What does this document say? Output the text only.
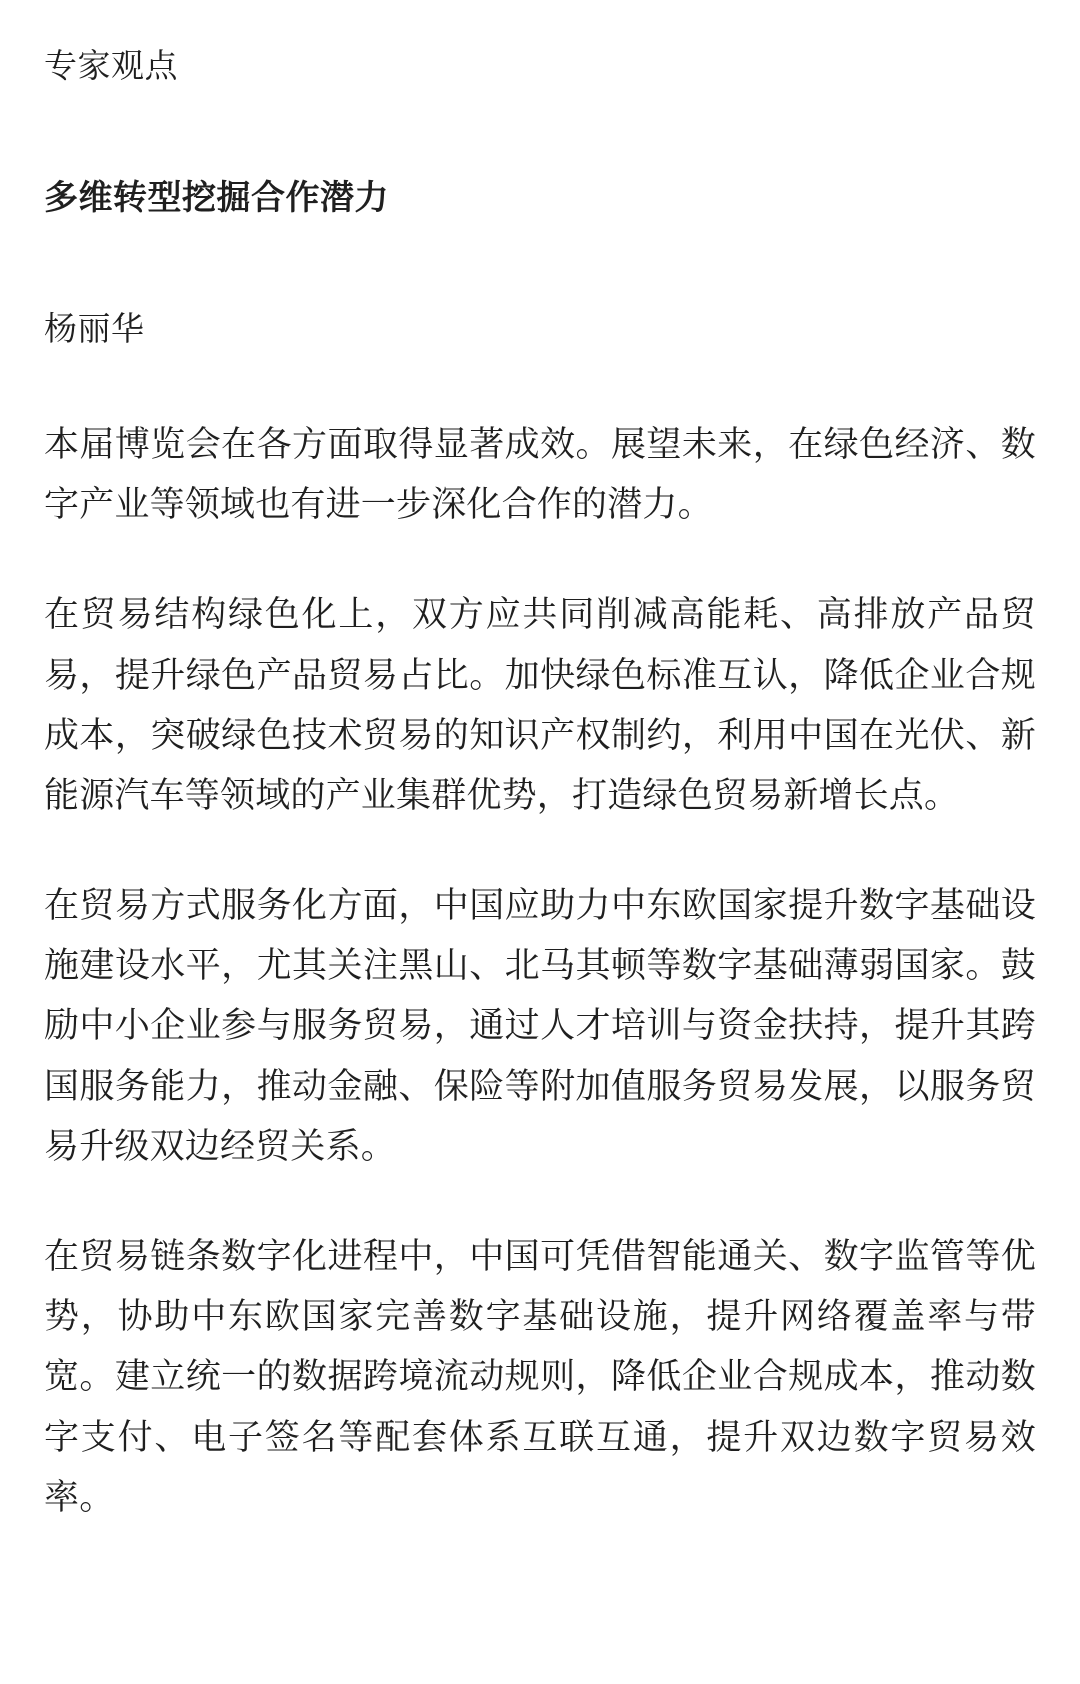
专家观点
多维转型挖掘合作潜力
杨丽华

本届博览会在各方面取得显著成效。展望未来，在绿色经济、数字产业等领域也有进一步深化合作的潜力。

在贸易结构绿色化上，双方应共同削减高能耗、高排放产品贸易，提升绿色产品贸易占比。加快绿色标准互认，降低企业合规成本，突破绿色技术贸易的知识产权制约，利用中国在光伏、新能源汽车等领域的产业集群优势，打造绿色贸易新增长点。

在贸易方式服务化方面，中国应助力中东欧国家提升数字基础设施建设水平，尤其关注黑山、北马其顿等数字基础薄弱国家。鼓励中小企业参与服务贸易，通过人才培训与资金扶持，提升其跨国服务能力，推动金融、保险等附加值服务贸易发展，以服务贸易升级双边经贸关系。

在贸易链条数字化进程中，中国可凭借智能通关、数字监管等优势，协助中东欧国家完善数字基础设施，提升网络覆盖率与带宽。建立统一的数据跨境流动规则，降低企业合规成本，推动数字支付、电子签名等配套体系互联互通，提升双边数字贸易效率。
